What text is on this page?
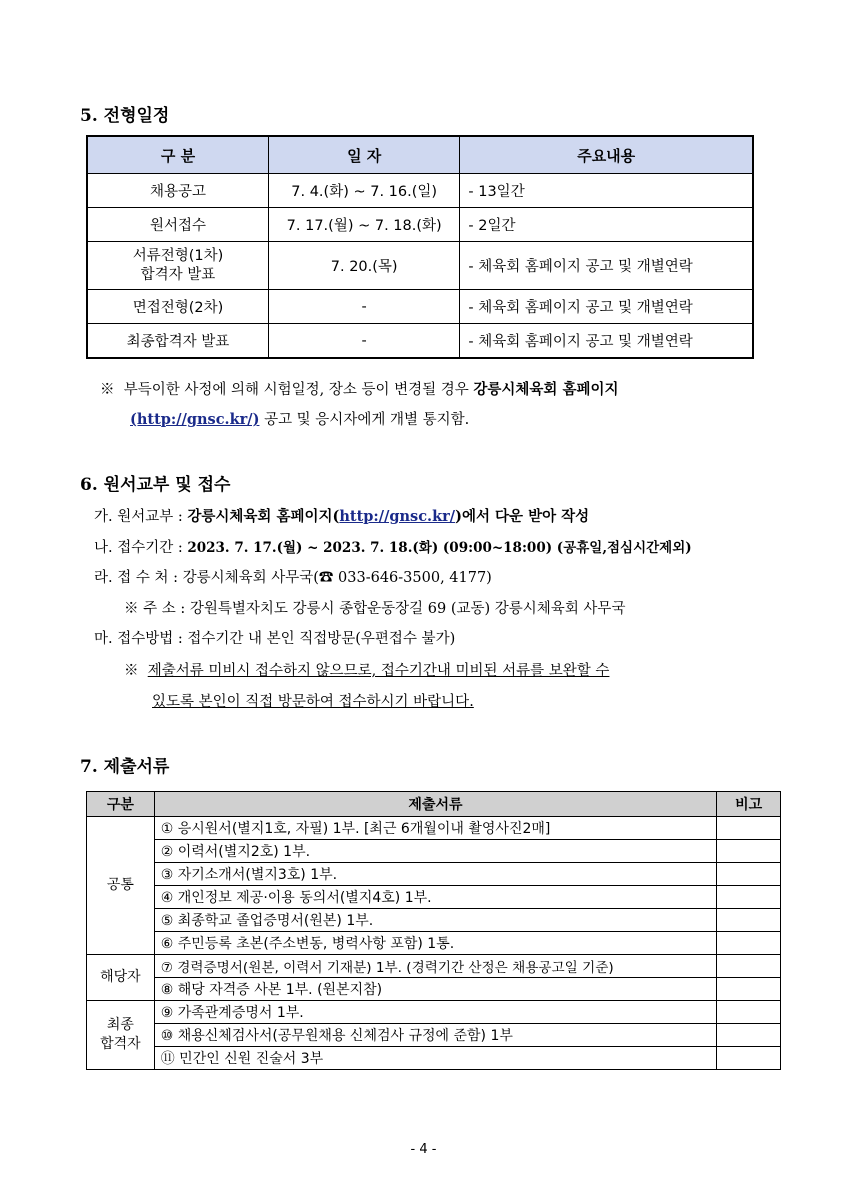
5. 전형일정
구 분	일 자	주요내용
채용공고	7. 4.(화) ~ 7. 16.(일)	- 13일간
원서접수	7. 17.(월) ~ 7. 18.(화)	- 2일간

서류전형(1차)
합격자 발표	7. 20.(목)	- 체육회 홈페이지 공고 및 개별연락
면접전형(2차)	-	- 체육회 홈페이지 공고 및 개별연락
최종합격자 발표	-	- 체육회 홈페이지 공고 및 개별연락
※ 부득이한 사정에 의해 시험일정, 장소 등이 변경될 경우 강릉시체육회 홈페이지
(http://gnsc.kr/) 공고 및 응시자에게 개별 통지함.
6. 원서교부 및 접수
가. 원서교부 : 강릉시체육회 홈페이지(http://gnsc.kr/)에서 다운 받아 작성
나. 접수기간 : 2023. 7. 17.(월) ~ 2023. 7. 18.(화) (09:00~18:00) (공휴일,점심시간제외)
라. 접 수 처 : 강릉시체육회 사무국(☎ 033-646-3500, 4177)
※ 주 소 : 강원특별자치도 강릉시 종합운동장길 69 (교동) 강릉시체육회 사무국
마. 접수방법 : 접수기간 내 본인 직접방문(우편접수 불가)
※ 제출서류 미비시 접수하지 않으므로, 접수기간내 미비된 서류를 보완할 수
있도록 본인이 직접 방문하여 접수하시기 바랍니다.
7. 제출서류
구분	제출서류	비고
공통	① 응시원서(별지1호, 자필) 1부. [최근 6개월이내 촬영사진2매]	
	② 이력서(별지2호) 1부.	
	③ 자기소개서(별지3호) 1부.	
	④ 개인정보 제공·이용 동의서(별지4호) 1부.	
	⑤ 최종학교 졸업증명서(원본) 1부.	
	⑥ 주민등록 초본(주소변동, 병력사항 포함) 1통.	
해당자	⑦ 경력증명서(원본, 이력서 기재분) 1부. (경력기간 산정은 채용공고일 기준)	
	⑧ 해당 자격증 사본 1부. (원본지참)	

최종
합격자	⑨ 가족관계증명서 1부.	
	⑩ 채용신체검사서(공무원채용 신체검사 규정에 준함) 1부	
	⑪ 민간인 신원 진술서 3부	
- 4 -
